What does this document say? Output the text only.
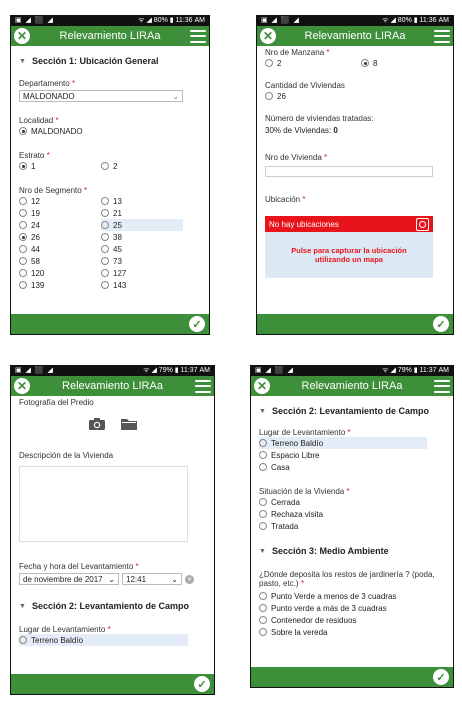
▣ ◢ ⬛ ◢	ᯤ ◢ 80% ▮ 11:36 AM
✕	Relevamiento LIRAa
▼ Sección 1: Ubicación General
Departamento *
MALDONADO	⌄
Localidad *
MALDONADO
Estrato *
1	2
Nro de Segmento *
12	13
19	21
24	25
26	38
44	45
58	73
120	127
139	143
✓
▣ ◢ ⬛ ◢	ᯤ ◢ 80% ▮ 11:36 AM
✕	Relevamiento LIRAa
Nro de Manzana *
2	8
Cantidad de Viviendas
26
Número de viviendas tratadas:
30% de Viviendas: 0
Nro de Vivienda *
Ubicación *
No hay ubicaciones
Pulse para capturar la ubicación utilizando un mapa
✓
▣ ◢ ⬛ ◢	ᯤ ◢ 79% ▮ 11:37 AM
✕	Relevamiento LIRAa
Fotografía del Predio
Descripción de la Vivienda
Fecha y hora del Levantamiento *
de noviembre de 2017 ⌄ 12:41	⌄	✕
▼ Sección 2: Levantamiento de Campo
Lugar de Levantamiento *
Terreno Baldío
✓
▣ ◢ ⬛ ◢	ᯤ ◢ 79% ▮ 11:37 AM
✕	Relevamiento LIRAa
▼ Sección 2: Levantamiento de Campo
Lugar de Levantamiento *
Terreno Baldío
Espacio Libre
Casa
Situación de la Vivienda *
Cerrada
Rechaza visita
Tratada
▼ Sección 3: Medio Ambiente
¿Dónde deposita los restos de jardinería ? (poda, pasto, etc.) *
Punto Verde a menos de 3 cuadras
Punto verde a más de 3 cuadras
Contenedor de residuos
Sobre la vereda
✓
